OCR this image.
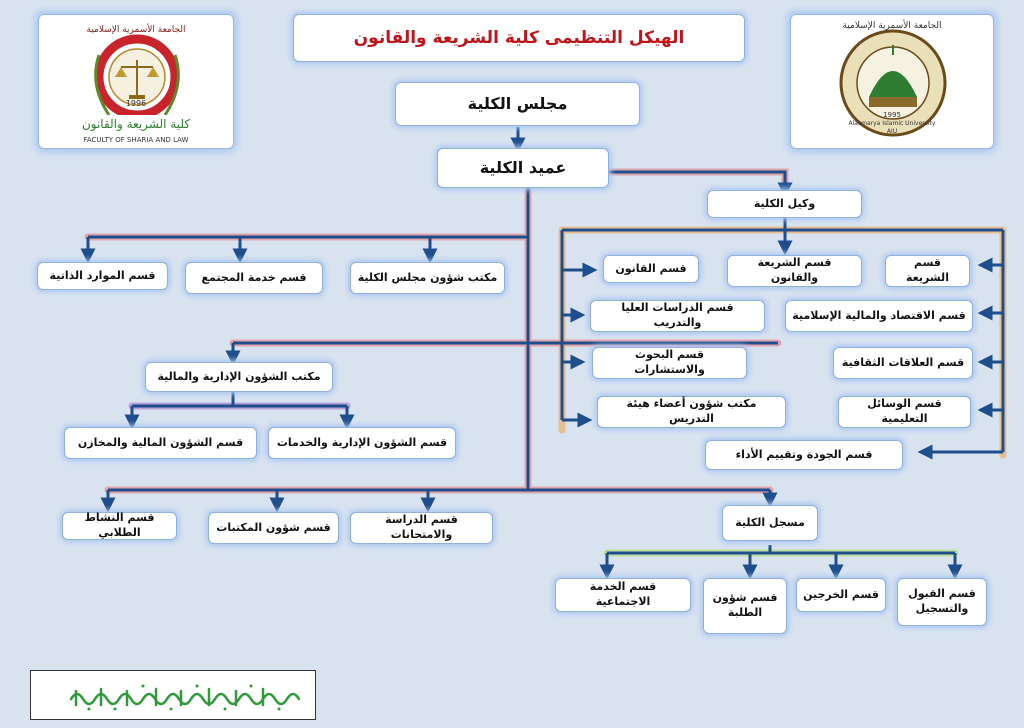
الهيكل التنظيمى كلية الشريعة والقانون
الجامعة الأسمرية الإسلامية
1996
كلية الشريعة والقانون
FACULTY OF SHARIA AND LAW
الجامعة الأسمرية الإسلامية
1995
Alasmarya Islamic University
AIU
مجلس الكلية
عميد الكلية
وكيل الكلية
مكتب شؤون مجلس الكلية
قسم خدمة المجتمع
قسم الموارد الذاتية
مكتب الشؤون الإدارية والمالية
قسم الشؤون الإدارية والخدمات
قسم الشؤون المالية والمخازن
قسم الدراسة والامتحانات
قسم شؤون المكتبات
قسم النشاط الطلابي
مسجل الكلية
قسم القبول
والتسجيل
قسم الخرجين
قسم شؤون
الطلبة
قسم الخدمة الاجتماعية
قسم القانون
قسم الدراسات العليا والتدريب
قسم البحوث والاستشارات
مكتب شؤون أعضاء هيئة التدريس
قسم الشريعة والقانون
قسم الشريعة
قسم الاقتصاد والمالية الإسلامية
قسم العلاقات الثقافية
قسم الوسائل التعليمية
قسم الجودة وتقييم الأداء
